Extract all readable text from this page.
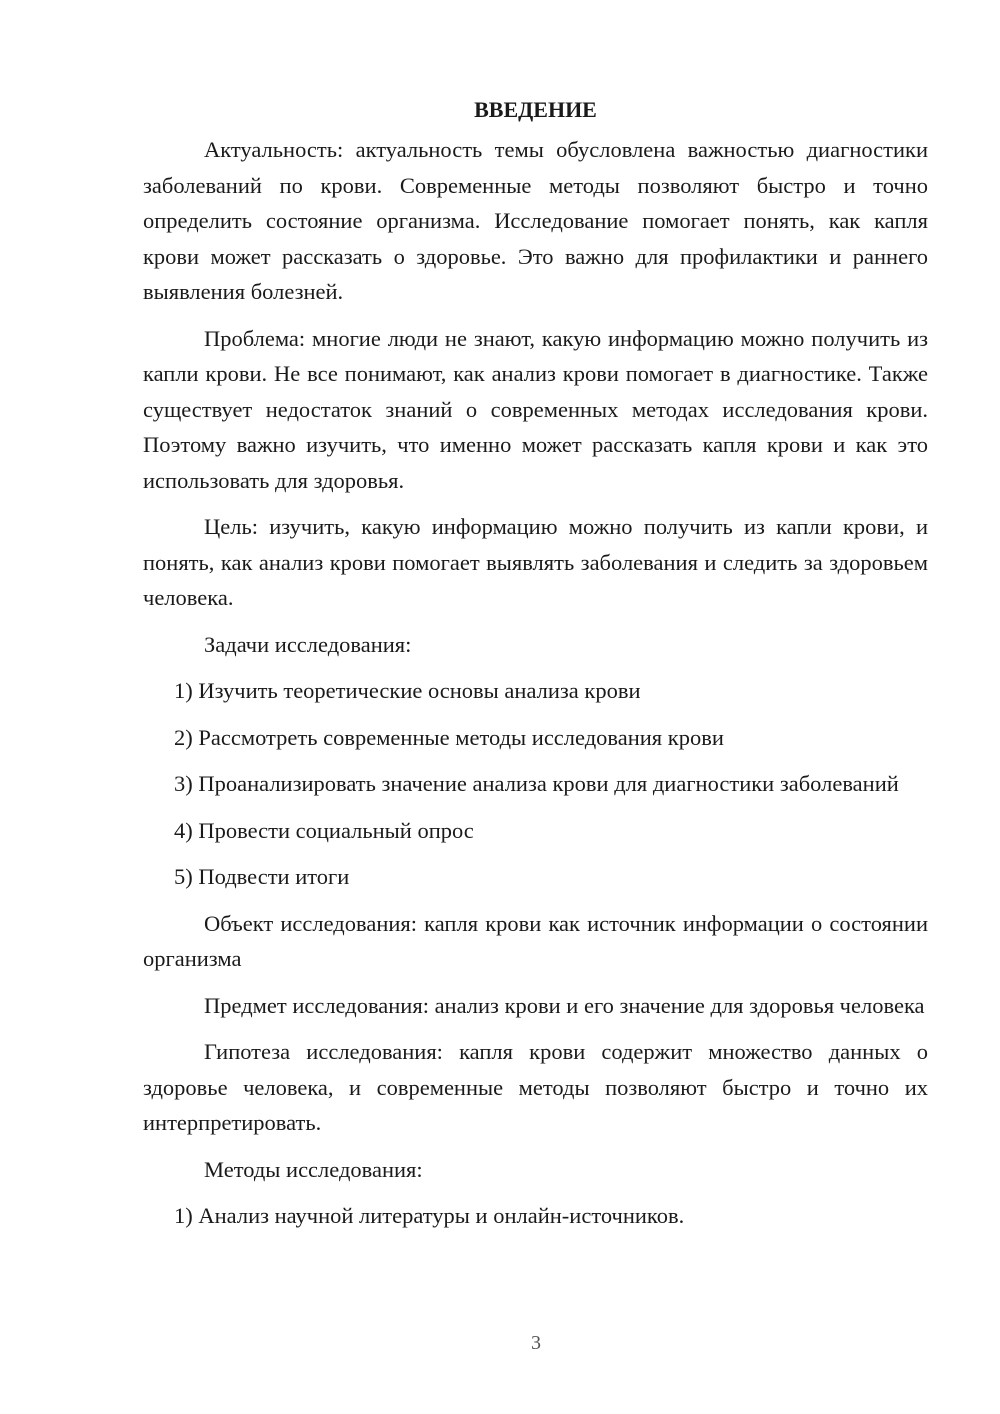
ВВЕДЕНИЕ

Актуальность: актуальность темы обусловлена важностью диагностики заболеваний по крови. Современные методы позволяют быстро и точно определить состояние организма. Исследование помогает понять, как капля крови может рассказать о здоровье. Это важно для профилактики и раннего выявления болезней.

Проблема: многие люди не знают, какую информацию можно получить из капли крови. Не все понимают, как анализ крови помогает в диагностике. Также существует недостаток знаний о современных методах исследования крови. Поэтому важно изучить, что именно может рассказать капля крови и как это использовать для здоровья.

Цель: изучить, какую информацию можно получить из капли крови, и понять, как анализ крови помогает выявлять заболевания и следить за здоровьем человека.

Задачи исследования:

1) Изучить теоретические основы анализа крови

2) Рассмотреть современные методы исследования крови

3) Проанализировать значение анализа крови для диагностики заболеваний

4) Провести социальный опрос

5) Подвести итоги

Объект исследования: капля крови как источник информации о состоянии организма

Предмет исследования: анализ крови и его значение для здоровья человека

Гипотеза исследования: капля крови содержит множество данных о здоровье человека, и современные методы позволяют быстро и точно их интерпретировать.

Методы исследования:

1) Анализ научной литературы и онлайн-источников.

3
